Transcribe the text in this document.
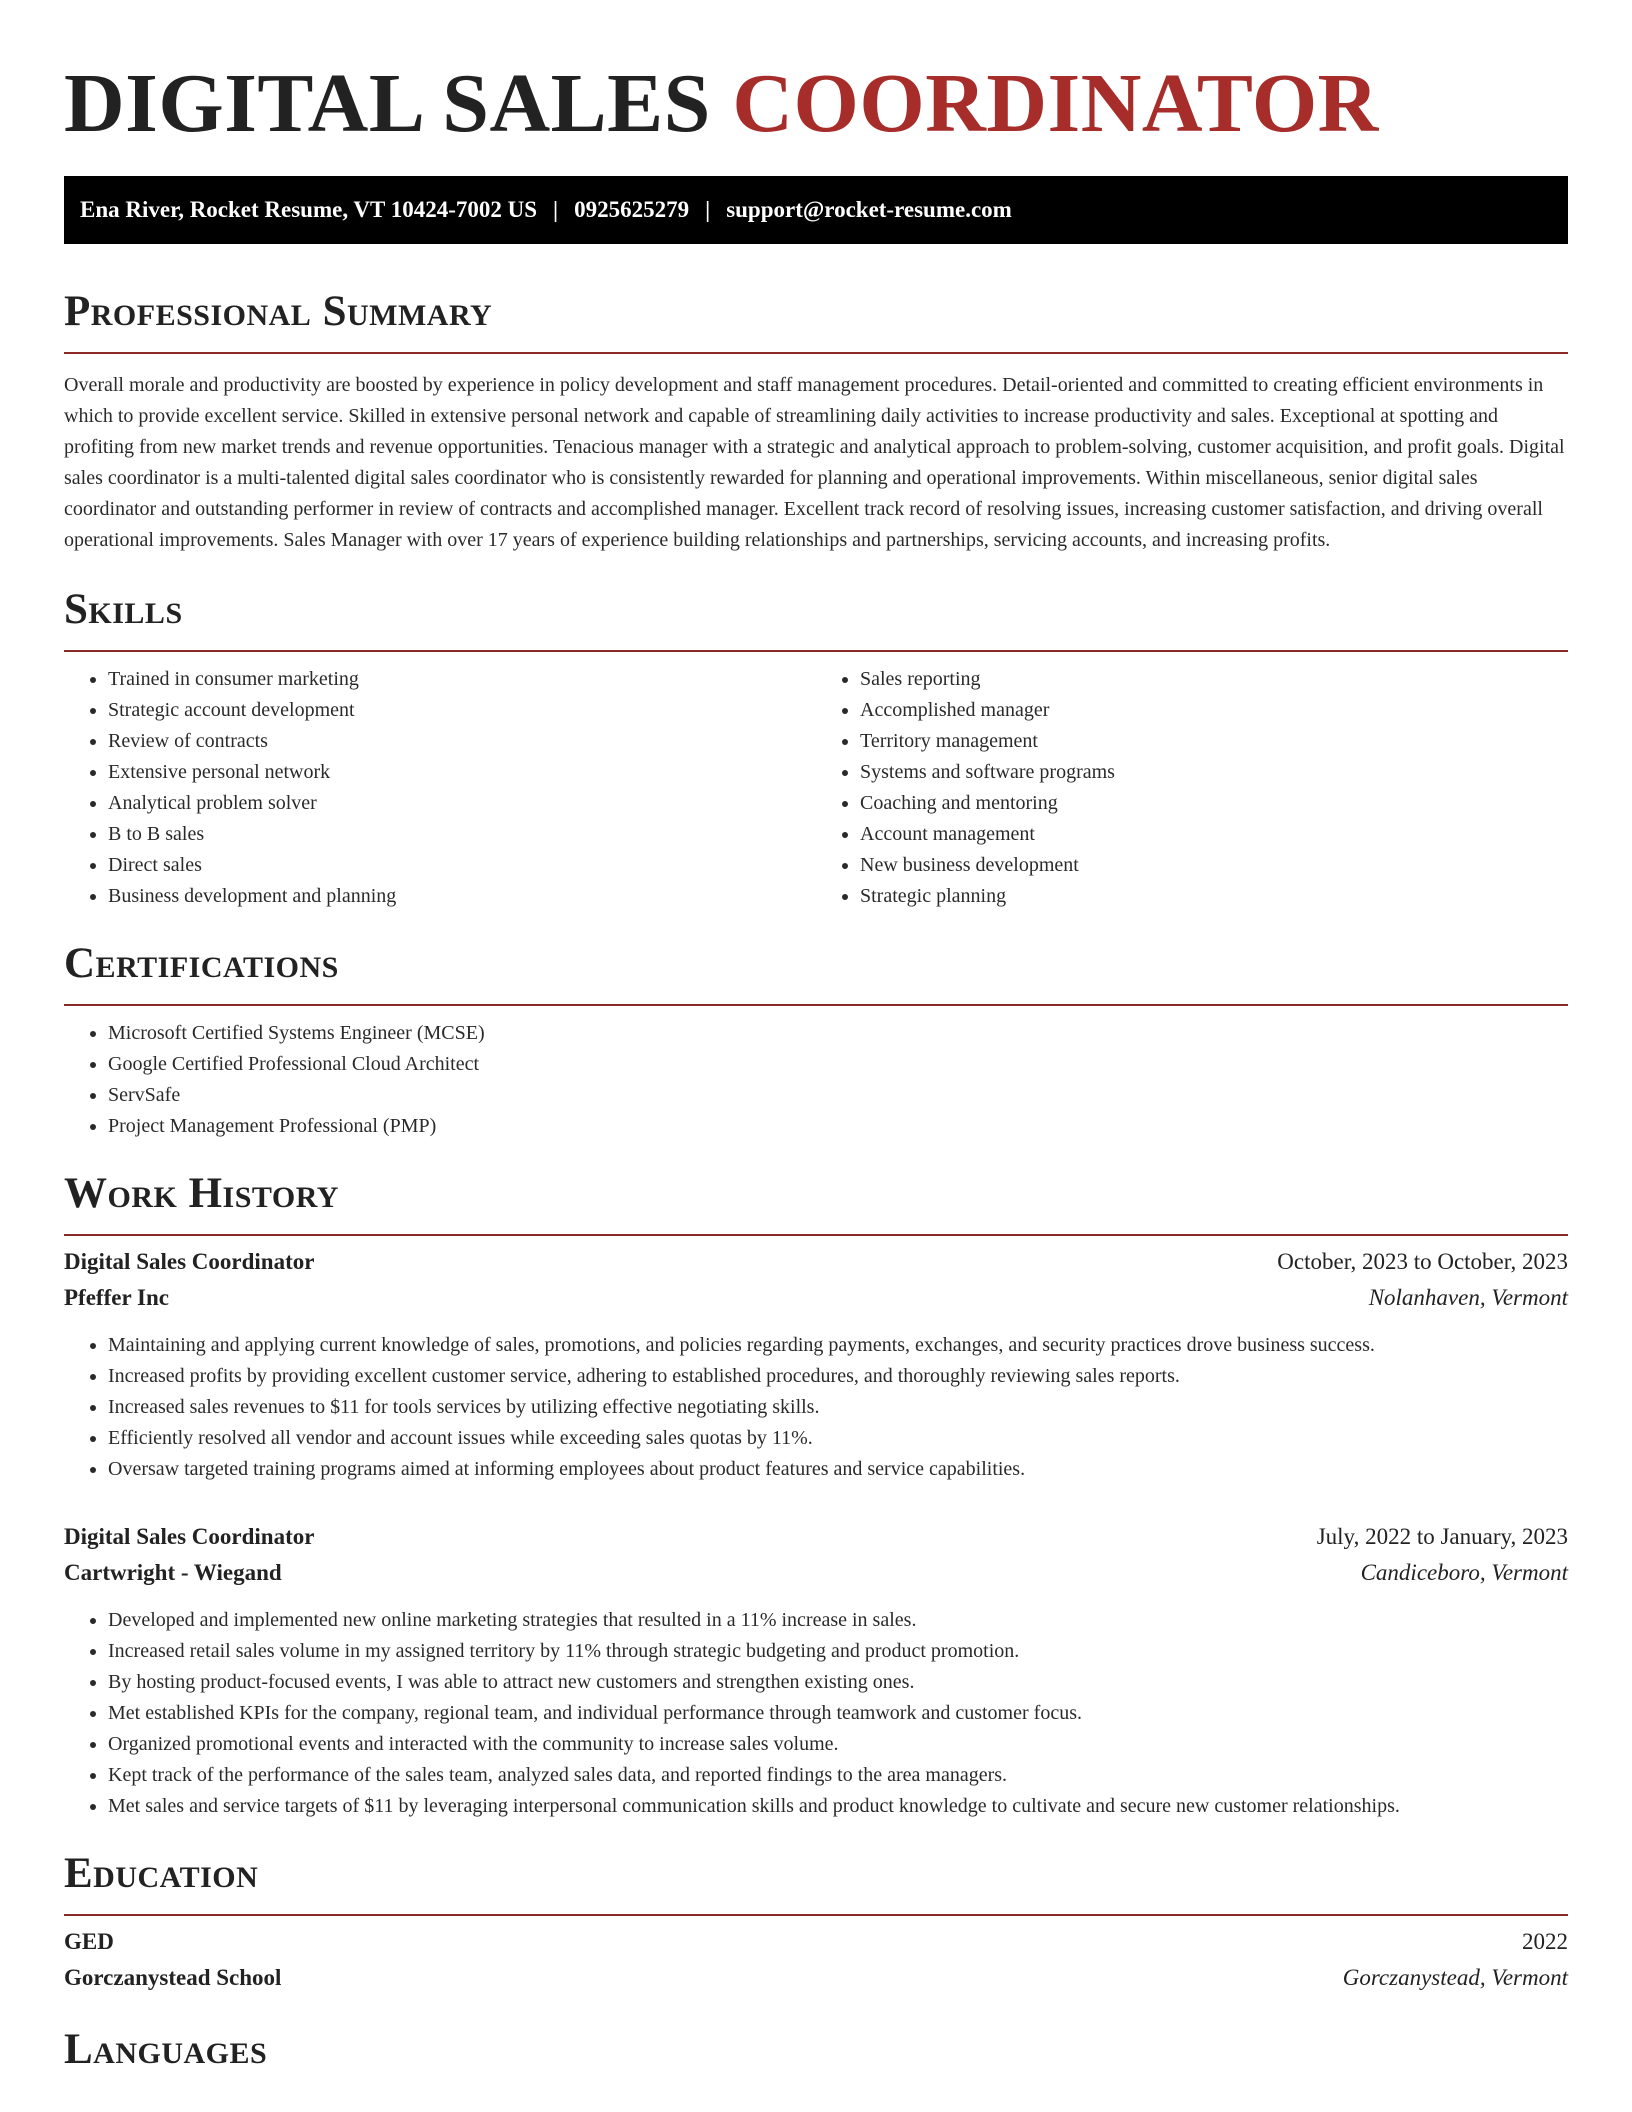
DIGITAL SALES COORDINATOR
Ena River, Rocket Resume, VT 10424-7002 US | 0925625279 | support@rocket-resume.com
Professional Summary

Overall morale and productivity are boosted by experience in policy development and staff management procedures. Detail-oriented and committed to creating efficient environments in which to provide excellent service. Skilled in extensive personal network and capable of streamlining daily activities to increase productivity and sales. Exceptional at spotting and profiting from new market trends and revenue opportunities. Tenacious manager with a strategic and analytical approach to problem-solving, customer acquisition, and profit goals. Digital sales coordinator is a multi-talented digital sales coordinator who is consistently rewarded for planning and operational improvements. Within miscellaneous, senior digital sales coordinator and outstanding performer in review of contracts and accomplished manager. Excellent track record of resolving issues, increasing customer satisfaction, and driving overall operational improvements. Sales Manager with over 17 years of experience building relationships and partnerships, servicing accounts, and increasing profits.

Skills
• Trained in consumer marketing
• Strategic account development
• Review of contracts
• Extensive personal network
• Analytical problem solver
• B to B sales
• Direct sales
• Business development and planning
• Sales reporting
• Accomplished manager
• Territory management
• Systems and software programs
• Coaching and mentoring
• Account management
• New business development
• Strategic planning
Certifications
• Microsoft Certified Systems Engineer (MCSE)
• Google Certified Professional Cloud Architect
• ServSafe
• Project Management Professional (PMP)
Work History
Digital Sales Coordinator	October, 2023 to October, 2023
Pfeffer Inc	Nolanhaven, Vermont
• Maintaining and applying current knowledge of sales, promotions, and policies regarding payments, exchanges, and security practices drove business success.
• Increased profits by providing excellent customer service, adhering to established procedures, and thoroughly reviewing sales reports.
• Increased sales revenues to $11 for tools services by utilizing effective negotiating skills.
• Efficiently resolved all vendor and account issues while exceeding sales quotas by 11%.
• Oversaw targeted training programs aimed at informing employees about product features and service capabilities.
Digital Sales Coordinator	July, 2022 to January, 2023
Cartwright - Wiegand	Candiceboro, Vermont
• Developed and implemented new online marketing strategies that resulted in a 11% increase in sales.
• Increased retail sales volume in my assigned territory by 11% through strategic budgeting and product promotion.
• By hosting product-focused events, I was able to attract new customers and strengthen existing ones.
• Met established KPIs for the company, regional team, and individual performance through teamwork and customer focus.
• Organized promotional events and interacted with the community to increase sales volume.
• Kept track of the performance of the sales team, analyzed sales data, and reported findings to the area managers.
• Met sales and service targets of $11 by leveraging interpersonal communication skills and product knowledge to cultivate and secure new customer relationships.
Education
GED	2022
Gorczanystead School	Gorczanystead, Vermont
Languages
